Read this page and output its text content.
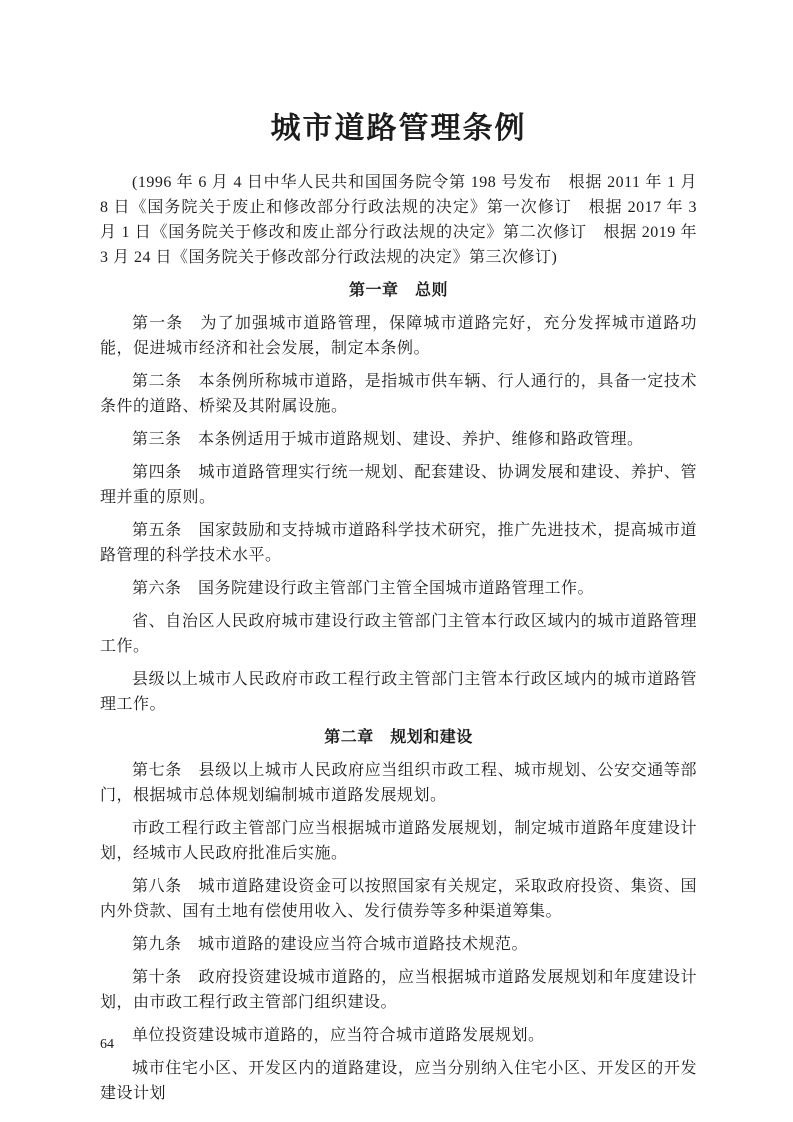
城市道路管理条例

(1996 年 6 月 4 日中华人民共和国国务院令第 198 号发布　根据 2011 年 1 月 8 日《国务院关于废止和修改部分行政法规的决定》第一次修订　根据 2017 年 3 月 1 日《国务院关于修改和废止部分行政法规的决定》第二次修订　根据 2019 年 3 月 24 日《国务院关于修改部分行政法规的决定》第三次修订)

第一章　总则

第一条　为了加强城市道路管理，保障城市道路完好，充分发挥城市道路功能，促进城市经济和社会发展，制定本条例。

第二条　本条例所称城市道路，是指城市供车辆、行人通行的，具备一定技术条件的道路、桥梁及其附属设施。

第三条　本条例适用于城市道路规划、建设、养护、维修和路政管理。

第四条　城市道路管理实行统一规划、配套建设、协调发展和建设、养护、管理并重的原则。

第五条　国家鼓励和支持城市道路科学技术研究，推广先进技术，提高城市道路管理的科学技术水平。

第六条　国务院建设行政主管部门主管全国城市道路管理工作。

省、自治区人民政府城市建设行政主管部门主管本行政区域内的城市道路管理工作。

县级以上城市人民政府市政工程行政主管部门主管本行政区域内的城市道路管理工作。

第二章　规划和建设

第七条　县级以上城市人民政府应当组织市政工程、城市规划、公安交通等部门，根据城市总体规划编制城市道路发展规划。

市政工程行政主管部门应当根据城市道路发展规划，制定城市道路年度建设计划，经城市人民政府批准后实施。

第八条　城市道路建设资金可以按照国家有关规定，采取政府投资、集资、国内外贷款、国有土地有偿使用收入、发行债券等多种渠道筹集。

第九条　城市道路的建设应当符合城市道路技术规范。

第十条　政府投资建设城市道路的，应当根据城市道路发展规划和年度建设计划，由市政工程行政主管部门组织建设。

单位投资建设城市道路的，应当符合城市道路发展规划。

城市住宅小区、开发区内的道路建设，应当分别纳入住宅小区、开发区的开发建设计划

64
